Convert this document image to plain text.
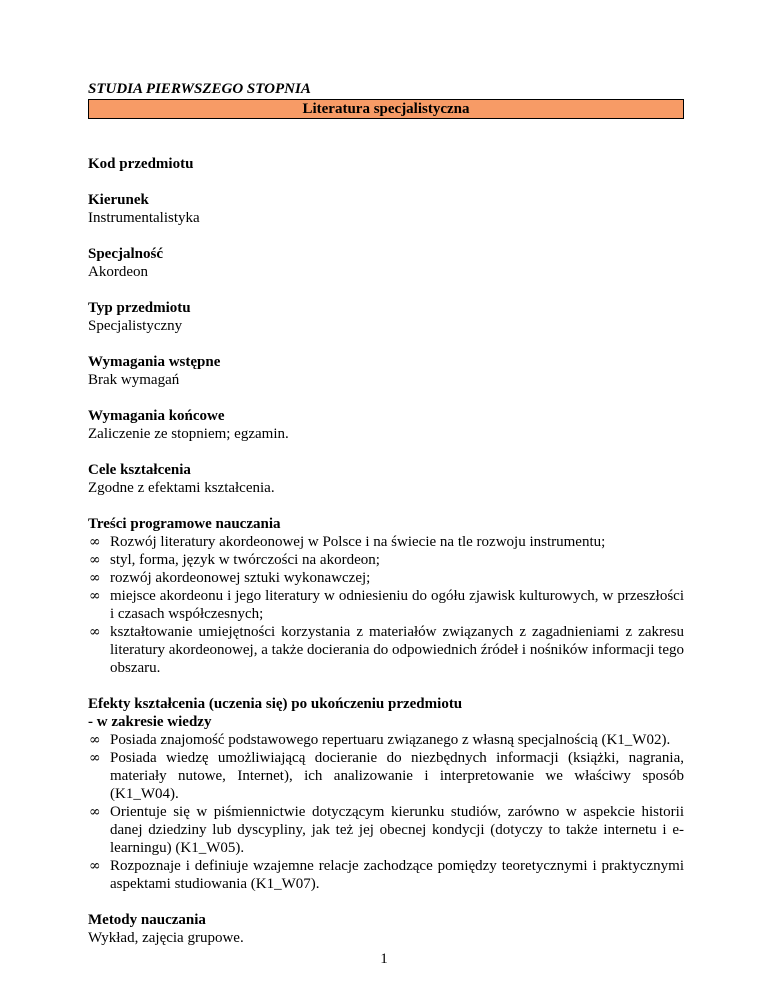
STUDIA PIERWSZEGO STOPNIA
Literatura specjalistyczna
Kod przedmiotu
Kierunek
Instrumentalistyka
Specjalność
Akordeon
Typ przedmiotu
Specjalistyczny
Wymagania wstępne
Brak wymagań
Wymagania końcowe
Zaliczenie ze stopniem; egzamin.
Cele kształcenia
Zgodne z efektami kształcenia.
Treści programowe nauczania
∞ Rozwój literatury akordeonowej w Polsce i na świecie na tle rozwoju instrumentu;
∞ styl, forma, język w twórczości na akordeon;
∞ rozwój akordeonowej sztuki wykonawczej;
∞ miejsce akordeonu i jego literatury w odniesieniu do ogółu zjawisk kulturowych, w przeszłości i czasach współczesnych;
∞ kształtowanie umiejętności korzystania z materiałów związanych z zagadnieniami z zakresu literatury akordeonowej, a także docierania do odpowiednich źródeł i nośników informacji tego obszaru.
Efekty kształcenia (uczenia się) po ukończeniu przedmiotu
- w zakresie wiedzy
∞ Posiada znajomość podstawowego repertuaru związanego z własną specjalnością (K1_W02).
∞ Posiada wiedzę umożliwiającą docieranie do niezbędnych informacji (książki, nagrania, materiały nutowe, Internet), ich analizowanie i interpretowanie we właściwy sposób (K1_W04).
∞ Orientuje się w piśmiennictwie dotyczącym kierunku studiów, zarówno w aspekcie historii danej dziedziny lub dyscypliny, jak też jej obecnej kondycji (dotyczy to także internetu i e-learningu) (K1_W05).
∞ Rozpoznaje i definiuje wzajemne relacje zachodzące pomiędzy teoretycznymi i praktycznymi aspektami studiowania (K1_W07).
Metody nauczania
Wykład, zajęcia grupowe.
1
